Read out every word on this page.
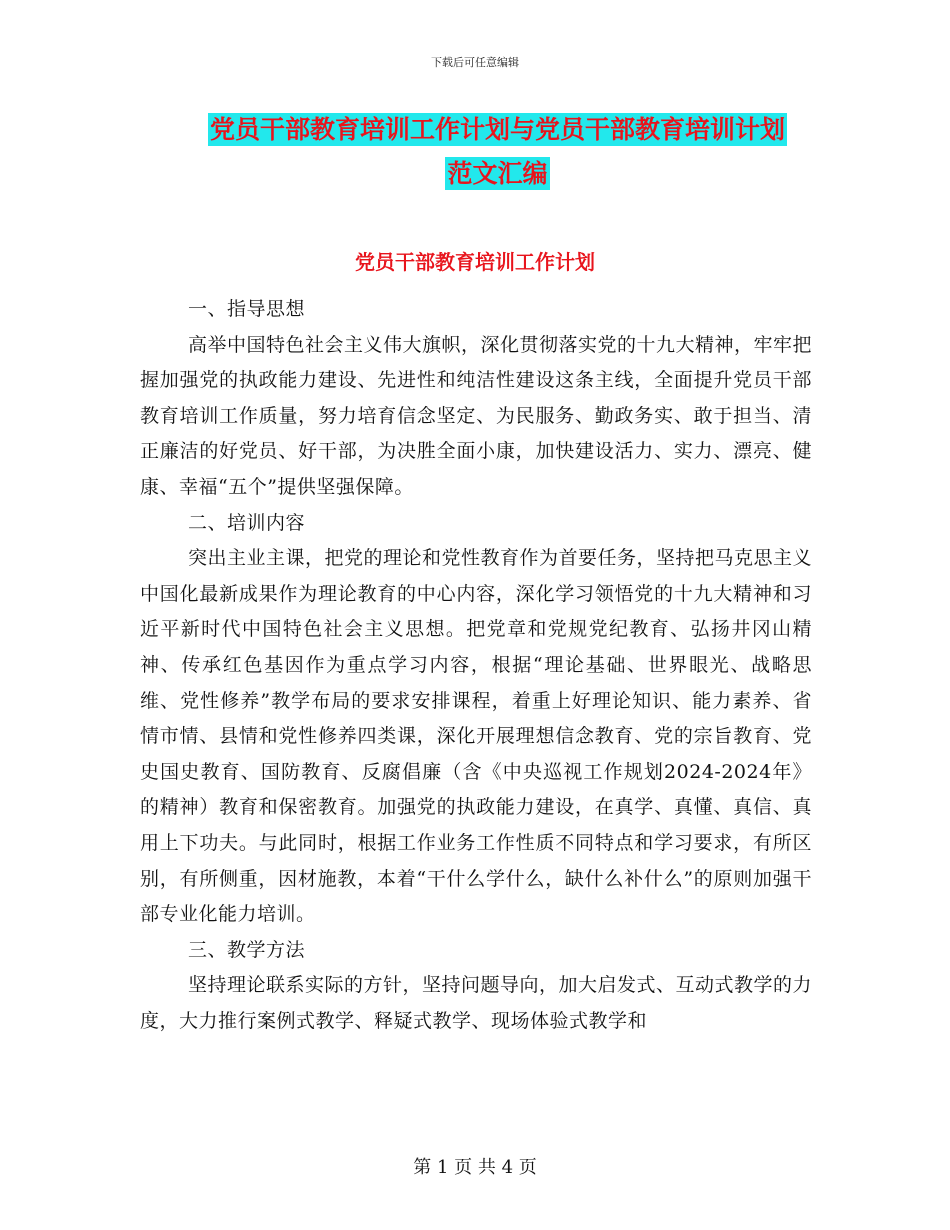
下载后可任意编辑
党员干部教育培训工作计划与党员干部教育培训计划
范文汇编
党员干部教育培训工作计划

一、指导思想

高举中国特色社会主义伟大旗帜，深化贯彻落实党的十九大精神，牢牢把握加强党的执政能力建设、先进性和纯洁性建设这条主线，全面提升党员干部教育培训工作质量，努力培育信念坚定、为民服务、勤政务实、敢于担当、清正廉洁的好党员、好干部，为决胜全面小康，加快建设活力、实力、漂亮、健康、幸福“五个”提供坚强保障。

二、培训内容

突出主业主课，把党的理论和党性教育作为首要任务，坚持把马克思主义中国化最新成果作为理论教育的中心内容，深化学习领悟党的十九大精神和习近平新时代中国特色社会主义思想。把党章和党规党纪教育、弘扬井冈山精神、传承红色基因作为重点学习内容，根据“理论基础、世界眼光、战略思维、党性修养”教学布局的要求安排课程，着重上好理论知识、能力素养、省情市情、县情和党性修养四类课，深化开展理想信念教育、党的宗旨教育、党史国史教育、国防教育、反腐倡廉（含《中央巡视工作规划2024-2024年》的精神）教育和保密教育。加强党的执政能力建设，在真学、真懂、真信、真用上下功夫。与此同时，根据工作业务工作性质不同特点和学习要求，有所区别，有所侧重，因材施教，本着“干什么学什么，缺什么补什么”的原则加强干部专业化能力培训。

三、教学方法

坚持理论联系实际的方针，坚持问题导向，加大启发式、互动式教学的力度，大力推行案例式教学、释疑式教学、现场体验式教学和

第 1 页 共 4 页
